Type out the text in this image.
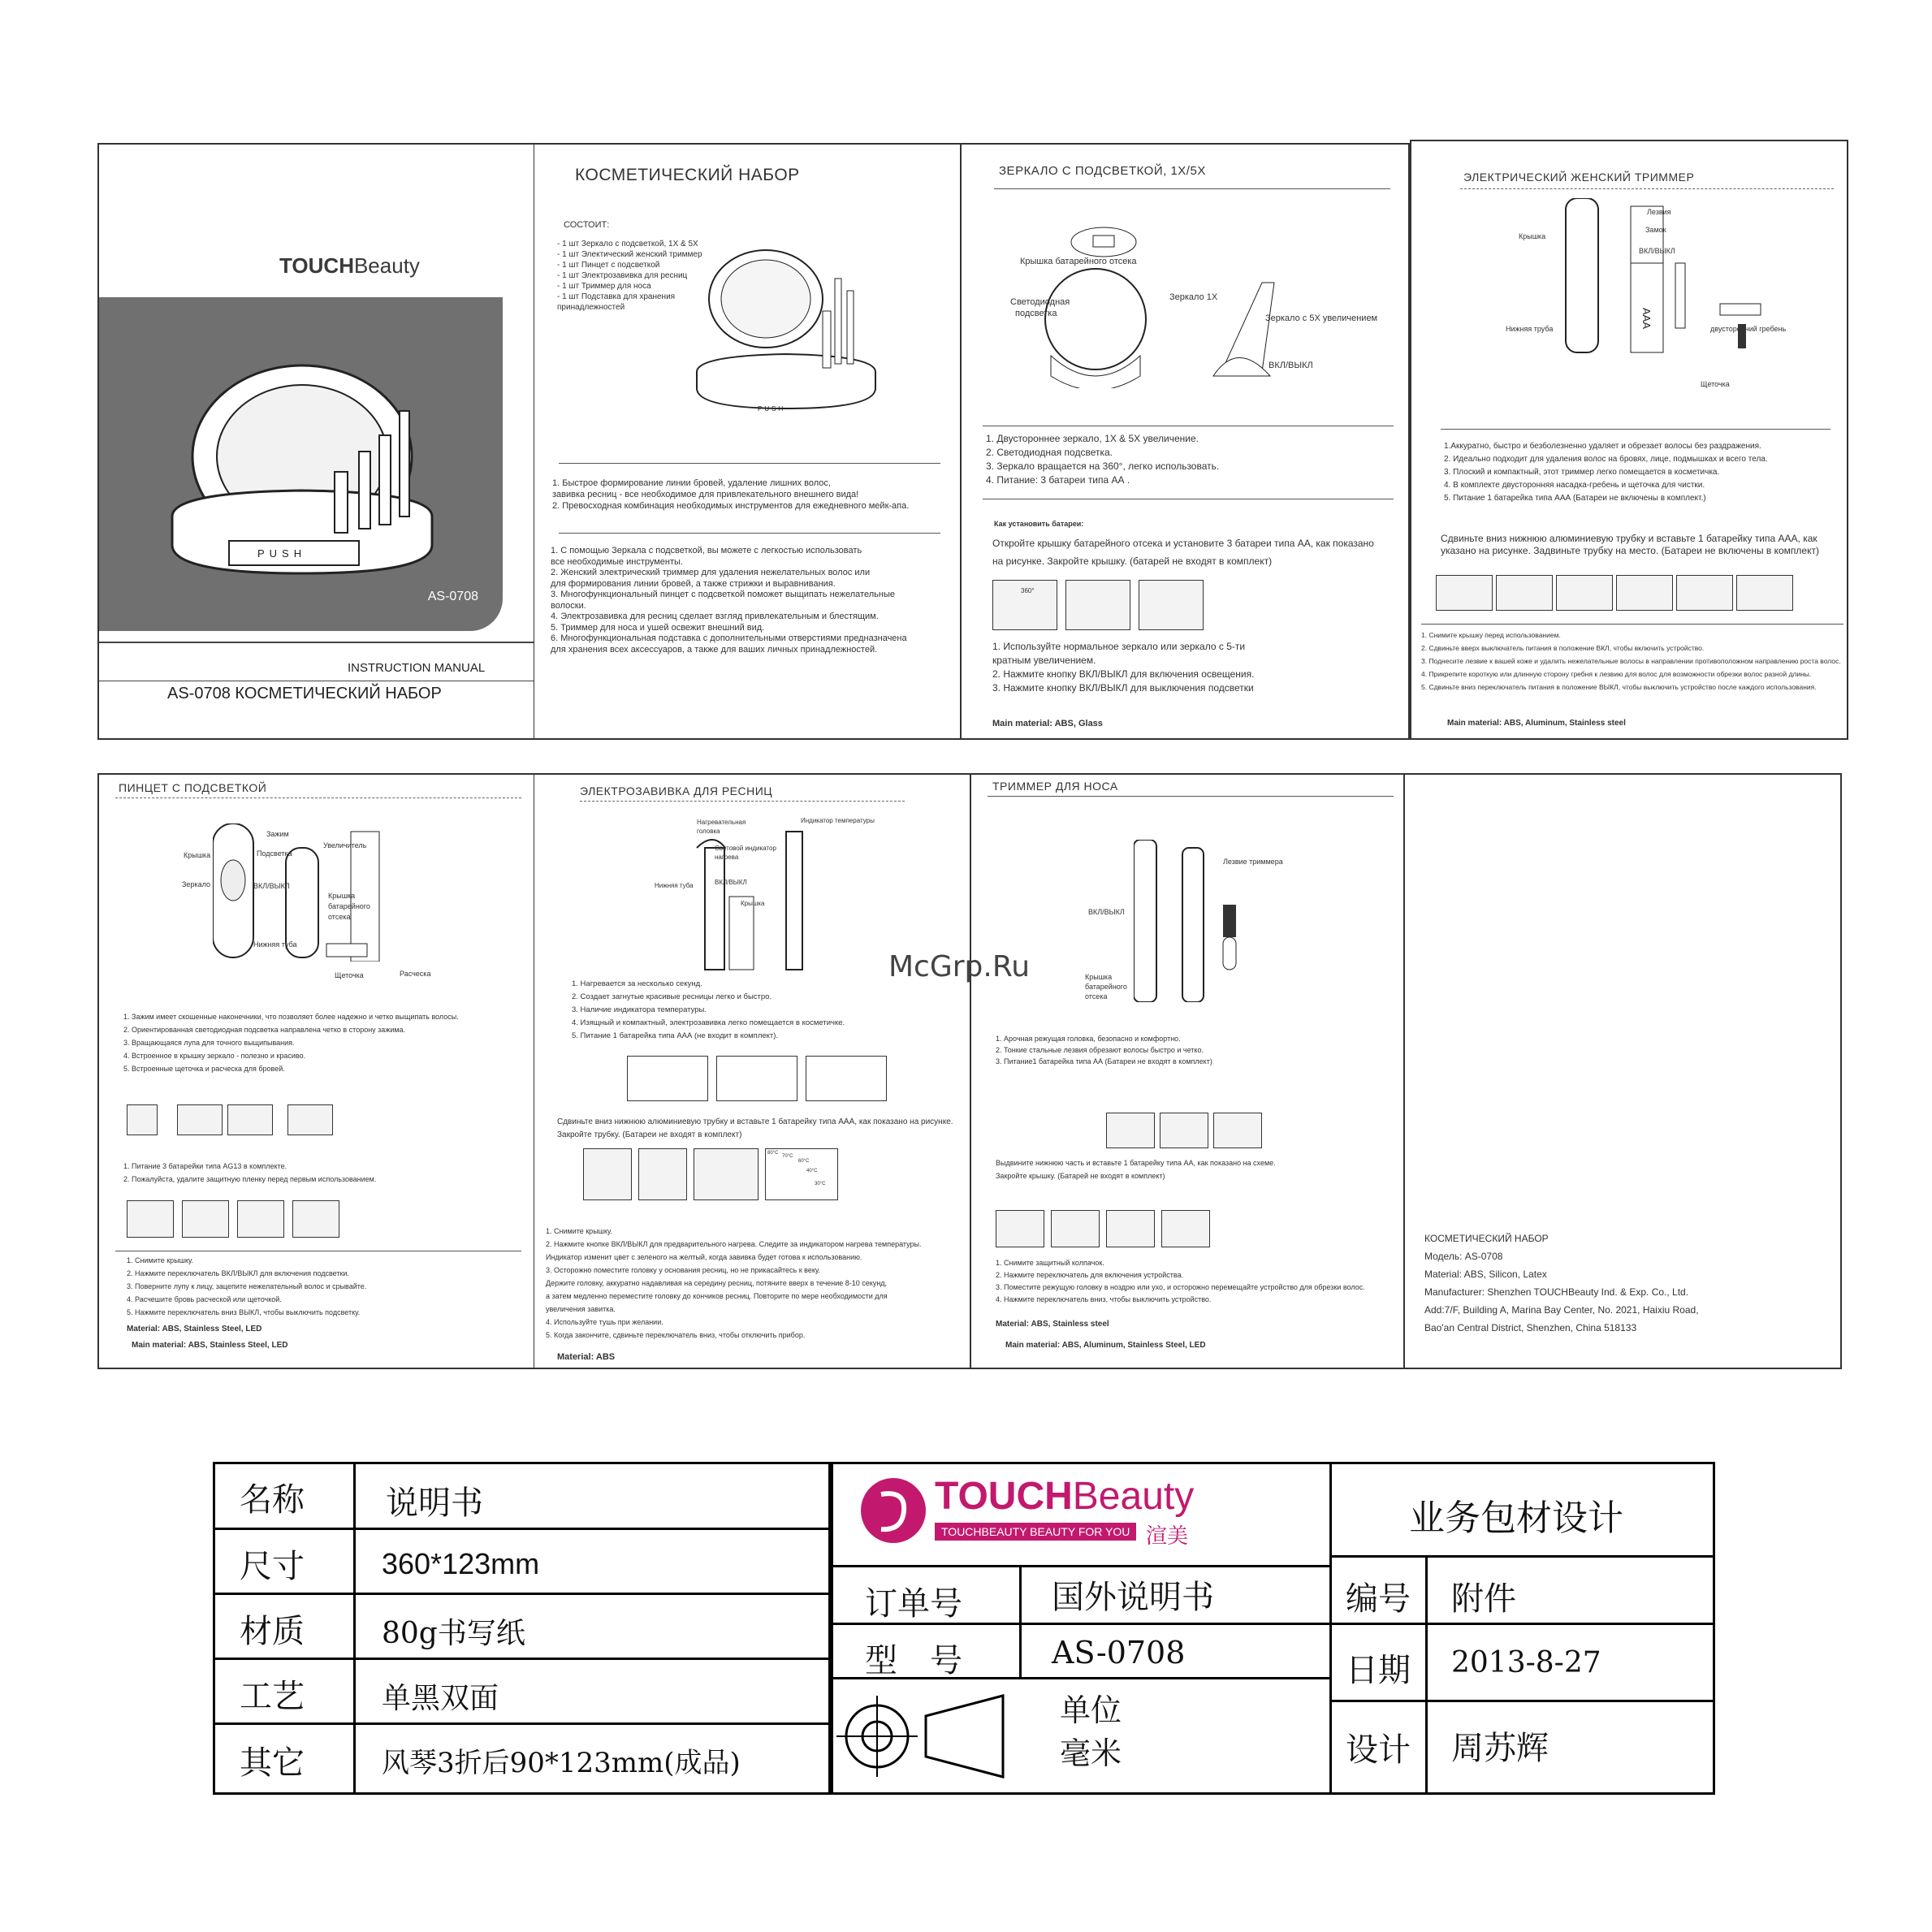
TOUCHBeauty
PUSH
AS-0708
INSTRUCTION MANUAL
AS-0708 КОСМЕТИЧЕСКИЙ НАБОР
КОСМЕТИЧЕСКИЙ НАБОР
СОСТОИТ:
- 1 шт Зеркало с подсветкой, 1X & 5X
- 1 шт Электический женский триммер
- 1 шт Пинцет с подсветкой
- 1 шт Электрозавивка для ресниц
- 1 шт Триммер для носа
- 1 шт Подставка для хранения
принадлежностей
PUSH
1. Быстрое формирование линии бровей, удаление лишних волос,
завивка ресниц - все необходимое для привлекательного внешнего вида!
2. Превосходная комбинация необходимых инструментов для ежедневного мейк-апа.
1. С помощью Зеркала с подсветкой, вы можете с легкостью использовать
все необходимые инструменты.
2. Женский электрический триммер для удаления нежелательных волос или
для формирования линии бровей, а также стрижки и выравнивания.
3. Многофункциональный пинцет с подсветкой поможет выщипать нежелательные
волоски.
4. Электрозавивка для ресниц сделает взгляд привлекательным и блестящим.
5. Триммер для носа и ушей освежит внешний вид.
6. Многофункциональная подставка с дополнительными отверстиями предназначена
для хранения всех аксессуаров, а также для ваших личных принадлежностей.
ЗЕРКАЛО С ПОДСВЕТКОЙ, 1X/5X
Крышка батарейного отсека
Светодиодная
подсветка
Зеркало 1X
Зеркало с 5X увеличением
ВКЛ/ВЫКЛ
1. Двустороннее зеркало, 1X & 5X увеличение.
2. Светодиодная подсветка.
3. Зеркало вращается на 360°, легко использовать.
4. Питание: 3 батареи типа АА .
Как установить батареи:
Откройте крышку батарейного отсека и установите 3 батареи типа АА, как показано
на рисунке. Закройте крышку. (батарей не входят в комплект)
360°
1. Используйте нормальное зеркало или зеркало с 5-ти
кратным увеличением.
2. Нажмите кнопку ВКЛ/ВЫКЛ для включения освещения.
3. Нажмите кнопку ВКЛ/ВЫКЛ для выключения подсветки
Main material: ABS, Glass
ЭЛЕКТРИЧЕСКИЙ ЖЕНСКИЙ ТРИММЕР
AAA
Лезвия
Замок
ВКЛ/ВЫКЛ
Крышка
Нижняя труба	двусторонний гребень
Щеточка
1.Аккуратно, быстро и безболезненно удаляет и обрезает волосы без раздражения.
2. Идеально подходит для удаления волос на бровях, лице, подмышках и всего тела.
3. Плоский и компактный, этот триммер легко помещается в косметичка.
4. В комплекте двусторонняя насадка-гребень и щеточка для чистки.
5. Питание 1 батарейка типа ААА (Батареи не включены в комплект.)
Сдвиньте вниз нижнюю алюминиевую трубку и вставьте 1 батарейку типа ААА, как
указано на рисунке. Задвиньте трубку на место. (Батареи не включены в комплект)
1. Снимите крышку перед использованием.
2. Сдвиньте вверх выключатель питания в положение ВКЛ, чтобы включить устройство.
3. Поднесите лезвие к вашей коже и удалить нежелательные волосы в направлении противоположном направлению роста волос.
4. Прикрепите короткую или длинную сторону гребня к лезвию для волос для возможности обрезки волос разной длины.
5. Сдвиньте вниз переключатель питания в положение ВЫКЛ, чтобы выключить устройство после каждого использования.
Main material: ABS, Aluminum, Stainless steel
ПИНЦЕТ С ПОДСВЕТКОЙ
Зажим
Подсветка
Крышка
Увеличитель
Зеркало	ВКЛ/ВЫКЛ
Крышка
батарейного
отсека
Нижняя туба
Щеточка	Расческа
1. Зажим имеет скошенные наконечники, что позволяет более надежно и четко выщипать волосы.
2. Ориентированная светодиодная подсветка направлена четко в сторону зажима.
3. Вращающаяся лупа для точного выщипывания.
4. Встроенное в крышку зеркало - полезно и красиво.
5. Встроенные щеточка и расческа для бровей.
1. Питание 3 батарейки типа AG13 в комплекте.
2. Пожалуйста, удалите защитную пленку перед первым использованием.
1. Снимите крышку.
2. Нажмите переключатель ВКЛ/ВЫКЛ для включения подсветки.
3. Поверните лупу к лицу, зацепите нежелательный волос и срывайте.
4. Расчешите бровь расческой или щеточкой.
5. Нажмите переключатель вниз ВЫКЛ, чтобы выключить подсветку.
Material: ABS, Stainless Steel, LED
Main material: ABS, Stainless Steel, LED
ЭЛЕКТРОЗАВИВКА ДЛЯ РЕСНИЦ
Нагревательная
головка
Индикатор температуры
Световой индикатор
нагрева
ВКЛ/ВЫКЛ
Нижняя туба
Крышка
1. Нагревается за несколько секунд.
2. Создает загнутые красивые ресницы легко и быстро.
3. Наличие индикатора температуры.
4. Изящный и компактный, электрозавивка легко помещается в косметичке.
5. Питание 1 батарейка типа ААА (не входит в комплект).
Сдвиньте вниз нижнюю алюминиевую трубку и вставьте 1 батарейку типа ААА, как показано на рисунке.
Закройте трубку. (Батареи не входят в комплект)
80°C
70°C
60°C
40°C
30°C
1. Снимите крышку.
2. Нажмите кнопке ВКЛ/ВЫКЛ для предварительного нагрева. Следите за индикатором нагрева температуры.
Индикатор изменит цвет с зеленого на желтый, когда завивка будет готова к использованию.
3. Осторожно поместите головку у основания ресниц, но не прикасайтесь к веку.
Держите головку, аккуратно надавливая на середину ресниц, потяните вверх в течение 8-10 секунд,
а затем медленно переместите головку до кончиков ресниц. Повторите по мере необходимости для
увеличения завитка.
4. Используйте тушь при желании.
5. Когда закончите, сдвиньте переключатель вниз, чтобы отключить прибор.
Material: ABS
ТРИММЕР ДЛЯ НОСА
Лезвие триммера
ВКЛ/ВЫКЛ
Крышка
батарейного
отсека
1. Арочная режущая головка, безопасно и комфортно.
2. Тонкие стальные лезвия обрезают волосы быстро и четко.
3. Питание1 батарейка типа АА (Батареи не входят в комплект)
Выдвините нижнюю часть и вставьте 1 батарейку типа АА, как показано на схеме.
Закройте крышку. (Батарей не входят в комплект)
1. Снимите защитный колпачок.
2. Нажмите переключатель для включения устройства.
3. Поместите режущую головку в ноздрю или ухо, и осторожно перемещайте устройство для обрезки волос.
4. Нажмите переключатель вниз, чтобы выключить устройство.
Material: ABS, Stainless steel
Main material: ABS, Aluminum, Stainless Steel, LED
КОСМЕТИЧЕСКИЙ НАБОР
Модель: AS-0708
Material: ABS, Silicon, Latex
Manufacturer: Shenzhen TOUCHBeauty Ind. & Exp. Co., Ltd.
Add:7/F, Building A, Marina Bay Center, No. 2021, Haixiu Road,
Bao'an Central District, Shenzhen, China 518133
McGrp.Ru
名称	说明书
尺寸	360*123mm
材质	80g书写纸
工艺	单黑双面
其它	风琴3折后90*123mm(成品)
TOUCHBeauty
TOUCHBEAUTY BEAUTY FOR YOU 渲美
订单号	国外说明书
型　号	AS-0708
单位
毫米
业务包材设计
编号 附件
日期 2013-8-27
设计 周苏辉
